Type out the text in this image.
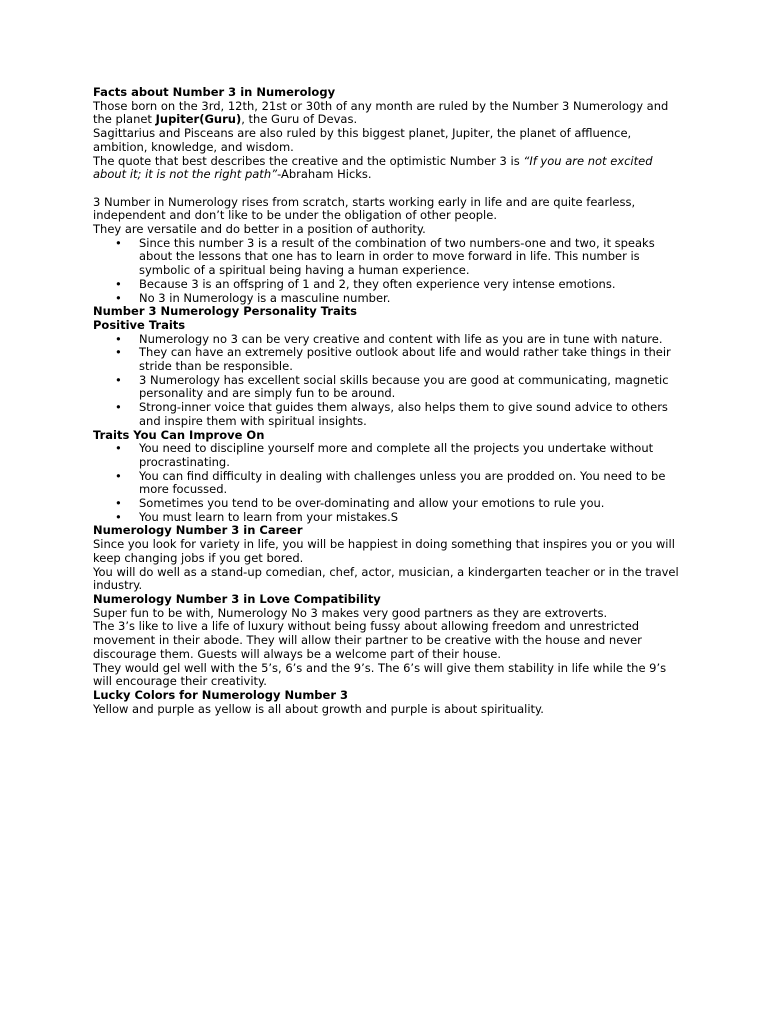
Facts about Number 3 in Numerology

Those born on the 3rd, 12th, 21st or 30th of any month are ruled by the Number 3 Numerology and the planet Jupiter(Guru), the Guru of Devas.

Sagittarius and Pisceans are also ruled by this biggest planet, Jupiter, the planet of affluence, ambition, knowledge, and wisdom.

The quote that best describes the creative and the optimistic Number 3 is “If you are not excited about it; it is not the right path”-Abraham Hicks.

3 Number in Numerology rises from scratch, starts working early in life and are quite fearless, independent and don’t like to be under the obligation of other people.

They are versatile and do better in a position of authority.

• Since this number 3 is a result of the combination of two numbers-one and two, it speaks about the lessons that one has to learn in order to move forward in life. This number is symbolic of a spiritual being having a human experience.
• Because 3 is an offspring of 1 and 2, they often experience very intense emotions.
• No 3 in Numerology is a masculine number.

Number 3 Numerology Personality Traits

Positive Traits

• Numerology no 3 can be very creative and content with life as you are in tune with nature.
• They can have an extremely positive outlook about life and would rather take things in their stride than be responsible.
• 3 Numerology has excellent social skills because you are good at communicating, magnetic personality and are simply fun to be around.
• Strong-inner voice that guides them always, also helps them to give sound advice to others and inspire them with spiritual insights.

Traits You Can Improve On

• You need to discipline yourself more and complete all the projects you undertake without procrastinating.
• You can find difficulty in dealing with challenges unless you are prodded on. You need to be more focussed.
• Sometimes you tend to be over-dominating and allow your emotions to rule you.
• You must learn to learn from your mistakes.S

Numerology Number 3 in Career

Since you look for variety in life, you will be happiest in doing something that inspires you or you will keep changing jobs if you get bored.

You will do well as a stand-up comedian, chef, actor, musician, a kindergarten teacher or in the travel industry.

Numerology Number 3 in Love Compatibility

Super fun to be with, Numerology No 3 makes very good partners as they are extroverts.

The 3’s like to live a life of luxury without being fussy about allowing freedom and unrestricted movement in their abode. They will allow their partner to be creative with the house and never discourage them. Guests will always be a welcome part of their house.

They would gel well with the 5’s, 6’s and the 9’s. The 6’s will give them stability in life while the 9’s will encourage their creativity.

Lucky Colors for Numerology Number 3

Yellow and purple as yellow is all about growth and purple is about spirituality.
